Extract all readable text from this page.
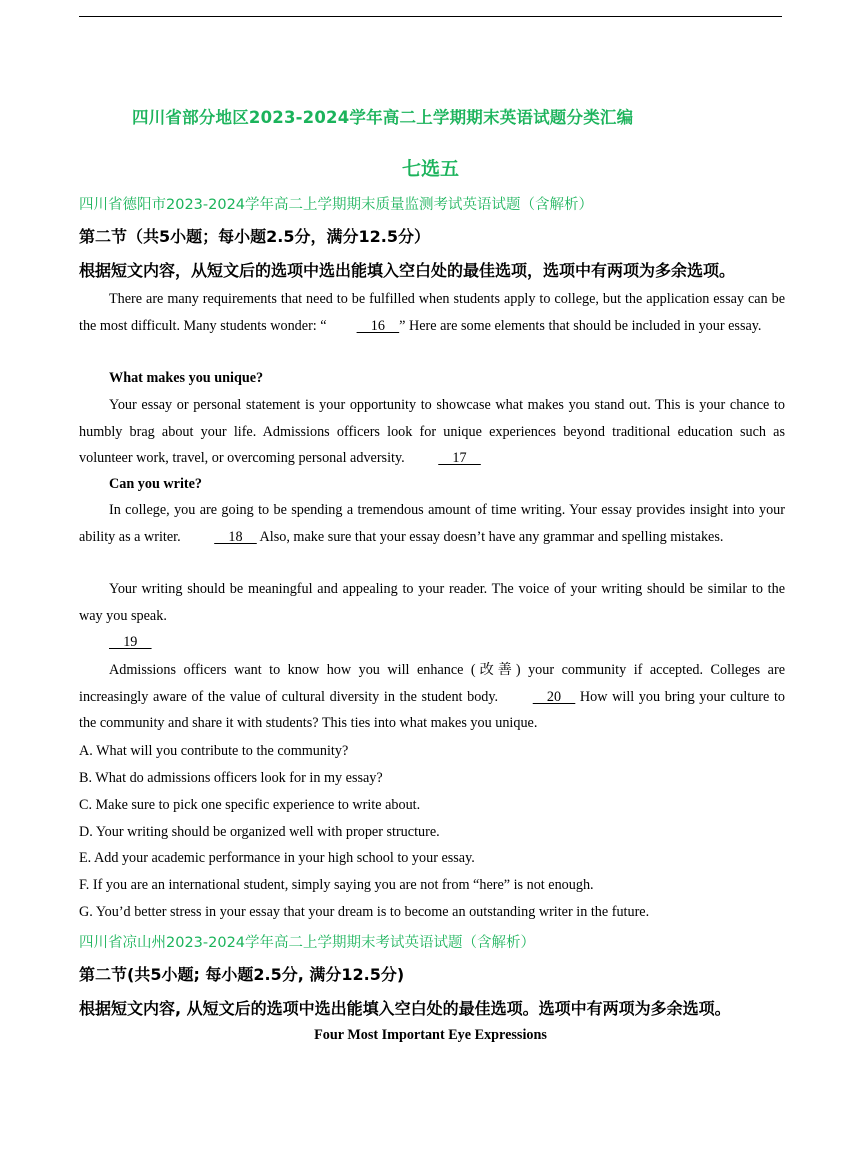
四川省部分地区2023-2024学年高二上学期期末英语试题分类汇编
七选五
四川省德阳市2023-2024学年高二上学期期末质量监测考试英语试题（含解析）
第二节（共5小题；每小题2.5分，满分12.5分）
根据短文内容，从短文后的选项中选出能填入空白处的最佳选项，选项中有两项为多余选项。
There are many requirements that need to be fulfilled when students apply to college, but the application essay can be the most difficult. Many students wonder: “    16    ” Here are some elements that should be included in your essay.
What makes you unique?
Your essay or personal statement is your opportunity to showcase what makes you stand out. This is your chance to humbly brag about your life. Admissions officers look for unique experiences beyond traditional education such as volunteer work, travel, or overcoming personal adversity.     17
Can you write?
In college, you are going to be spending a tremendous amount of time writing. Your essay provides insight into your ability as a writer.     18     Also, make sure that your essay doesn’t have any grammar and spelling mistakes.
Your writing should be meaningful and appealing to your reader. The voice of your writing should be similar to the way you speak.
19
Admissions officers want to know how you will enhance (改善) your community if accepted. Colleges are increasingly aware of the value of cultural diversity in the student body.     20     How will you bring your culture to the community and share it with students? This ties into what makes you unique.
A. What will you contribute to the community?
B. What do admissions officers look for in my essay?
C. Make sure to pick one specific experience to write about.
D. Your writing should be organized well with proper structure.
E. Add your academic performance in your high school to your essay.
F. If you are an international student, simply saying you are not from “here” is not enough.
G. You’d better stress in your essay that your dream is to become an outstanding writer in the future.
四川省凉山州2023-2024学年高二上学期期末考试英语试题（含解析）
第二节(共5小题; 每小题2.5分, 满分12.5分)
根据短文内容, 从短文后的选项中选出能填入空白处的最佳选项。选项中有两项为多余选项。
Four Most Important Eye Expressions
